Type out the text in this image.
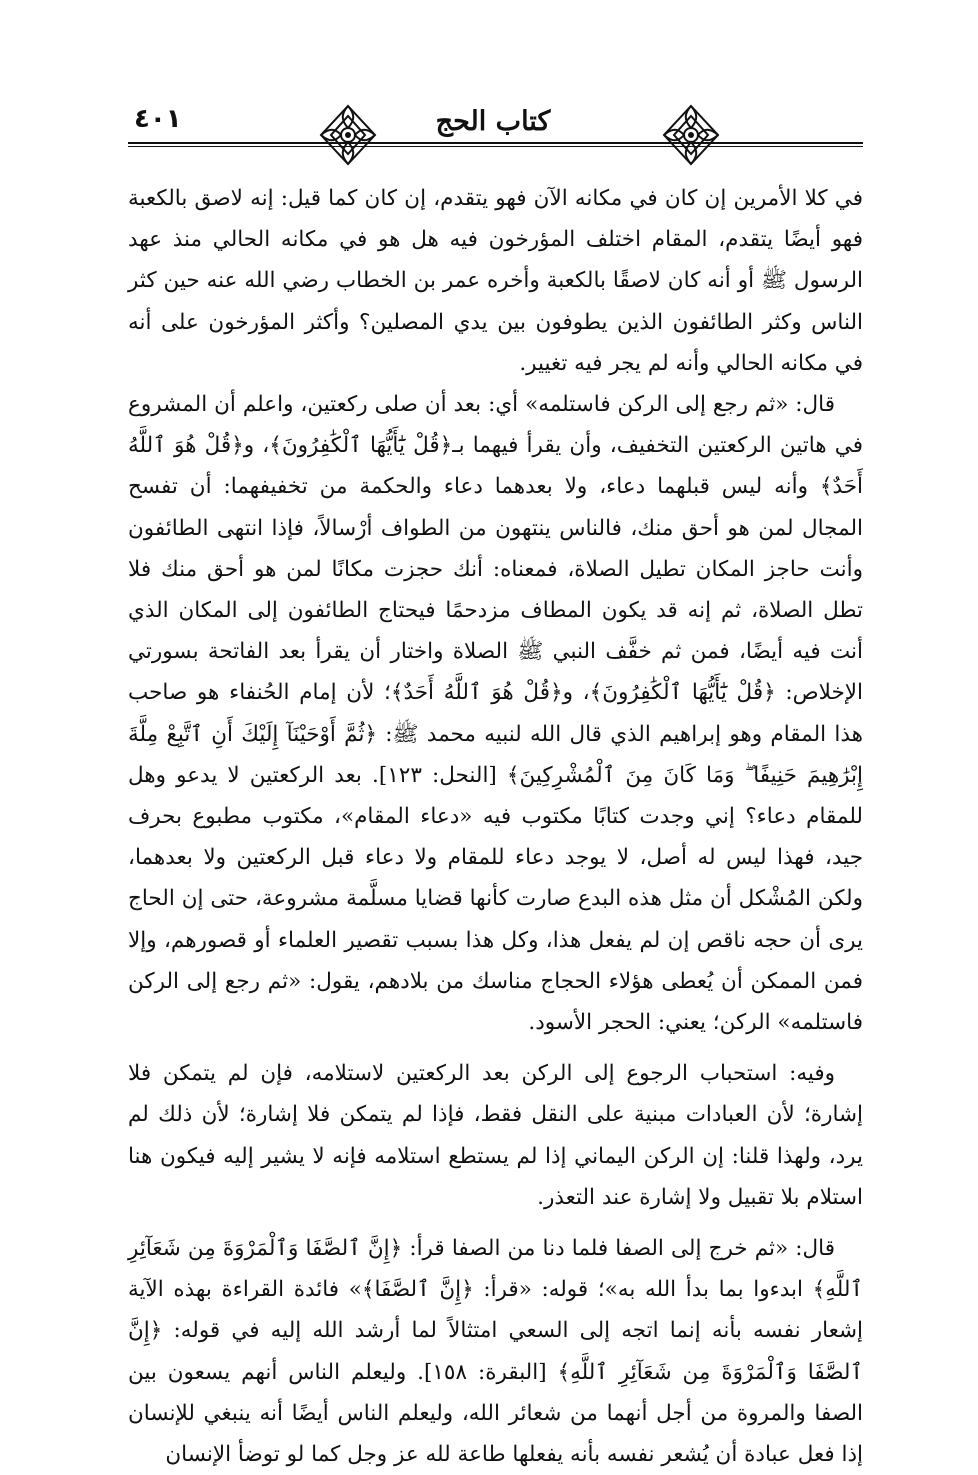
٤٠١	كتاب الحج

في كلا الأمرين إن كان في مكانه الآن فهو يتقدم، إن كان كما قيل: إنه لاصق بالكعبة فهو أيضًا يتقدم، المقام اختلف المؤرخون فيه هل هو في مكانه الحالي منذ عهد الرسول ﷺ أو أنه كان لاصقًا بالكعبة وأخره عمر بن الخطاب رضي الله عنه حين كثر الناس وكثر الطائفون الذين يطوفون بين يدي المصلين؟ وأكثر المؤرخون على أنه في مكانه الحالي وأنه لم يجر فيه تغيير.

قال: «ثم رجع إلى الركن فاستلمه» أي: بعد أن صلى ركعتين، واعلم أن المشروع في هاتين الركعتين التخفيف، وأن يقرأ فيهما بـ﴿قُلْ يَٰٓأَيُّهَا ٱلْكَٰفِرُونَ﴾، و﴿قُلْ هُوَ ٱللَّهُ أَحَدٌ﴾ وأنه ليس قبلهما دعاء، ولا بعدهما دعاء والحكمة من تخفيفهما: أن تفسح المجال لمن هو أحق منك، فالناس ينتهون من الطواف أرْسالاً، فإذا انتهى الطائفون وأنت حاجز المكان تطيل الصلاة، فمعناه: أنك حجزت مكانًا لمن هو أحق منك فلا تطل الصلاة، ثم إنه قد يكون المطاف مزدحمًا فيحتاج الطائفون إلى المكان الذي أنت فيه أيضًا، فمن ثم خفَّف النبي ﷺ الصلاة واختار أن يقرأ بعد الفاتحة بسورتي الإخلاص: ﴿قُلْ يَٰٓأَيُّهَا ٱلْكَٰفِرُونَ﴾، و﴿قُلْ هُوَ ٱللَّهُ أَحَدٌ﴾؛ لأن إمام الحُنفاء هو صاحب هذا المقام وهو إبراهيم الذي قال الله لنبيه محمد ﷺ: ﴿ثُمَّ أَوْحَيْنَآ إِلَيْكَ أَنِ ٱتَّبِعْ مِلَّةَ إِبْرَٰهِيمَ حَنِيفًا ۖ وَمَا كَانَ مِنَ ٱلْمُشْرِكِينَ﴾ [النحل: ١٢٣]. بعد الركعتين لا يدعو وهل للمقام دعاء؟ إني وجدت كتابًا مكتوب فيه «دعاء المقام»، مكتوب مطبوع بحرف جيد، فهذا ليس له أصل، لا يوجد دعاء للمقام ولا دعاء قبل الركعتين ولا بعدهما، ولكن المُشْكل أن مثل هذه البدع صارت كأنها قضايا مسلَّمة مشروعة، حتى إن الحاج يرى أن حجه ناقص إن لم يفعل هذا، وكل هذا بسبب تقصير العلماء أو قصورهم، وإلا فمن الممكن أن يُعطى هؤلاء الحجاج مناسك من بلادهم، يقول: «ثم رجع إلى الركن فاستلمه» الركن؛ يعني: الحجر الأسود.

وفيه: استحباب الرجوع إلى الركن بعد الركعتين لاستلامه، فإن لم يتمكن فلا إشارة؛ لأن العبادات مبنية على النقل فقط، فإذا لم يتمكن فلا إشارة؛ لأن ذلك لم يرد، ولهذا قلنا: إن الركن اليماني إذا لم يستطع استلامه فإنه لا يشير إليه فيكون هنا استلام بلا تقبيل ولا إشارة عند التعذر.

قال: «ثم خرج إلى الصفا فلما دنا من الصفا قرأ: ﴿إِنَّ ٱلصَّفَا وَٱلْمَرْوَةَ مِن شَعَآئِرِ ٱللَّهِ﴾ ابدءوا بما بدأ الله به»؛ قوله: «قرأ: ﴿إِنَّ ٱلصَّفَا﴾» فائدة القراءة بهذه الآية إشعار نفسه بأنه إنما اتجه إلى السعي امتثالاً لما أرشد الله إليه في قوله: ﴿إِنَّ ٱلصَّفَا وَٱلْمَرْوَةَ مِن شَعَآئِرِ ٱللَّهِ﴾ [البقرة: ١٥٨]. وليعلم الناس أنهم يسعون بين الصفا والمروة من أجل أنهما من شعائر الله، وليعلم الناس أيضًا أنه ينبغي للإنسان إذا فعل عبادة أن يُشعر نفسه بأنه يفعلها طاعة لله عز وجل كما لو توضأ الإنسان
